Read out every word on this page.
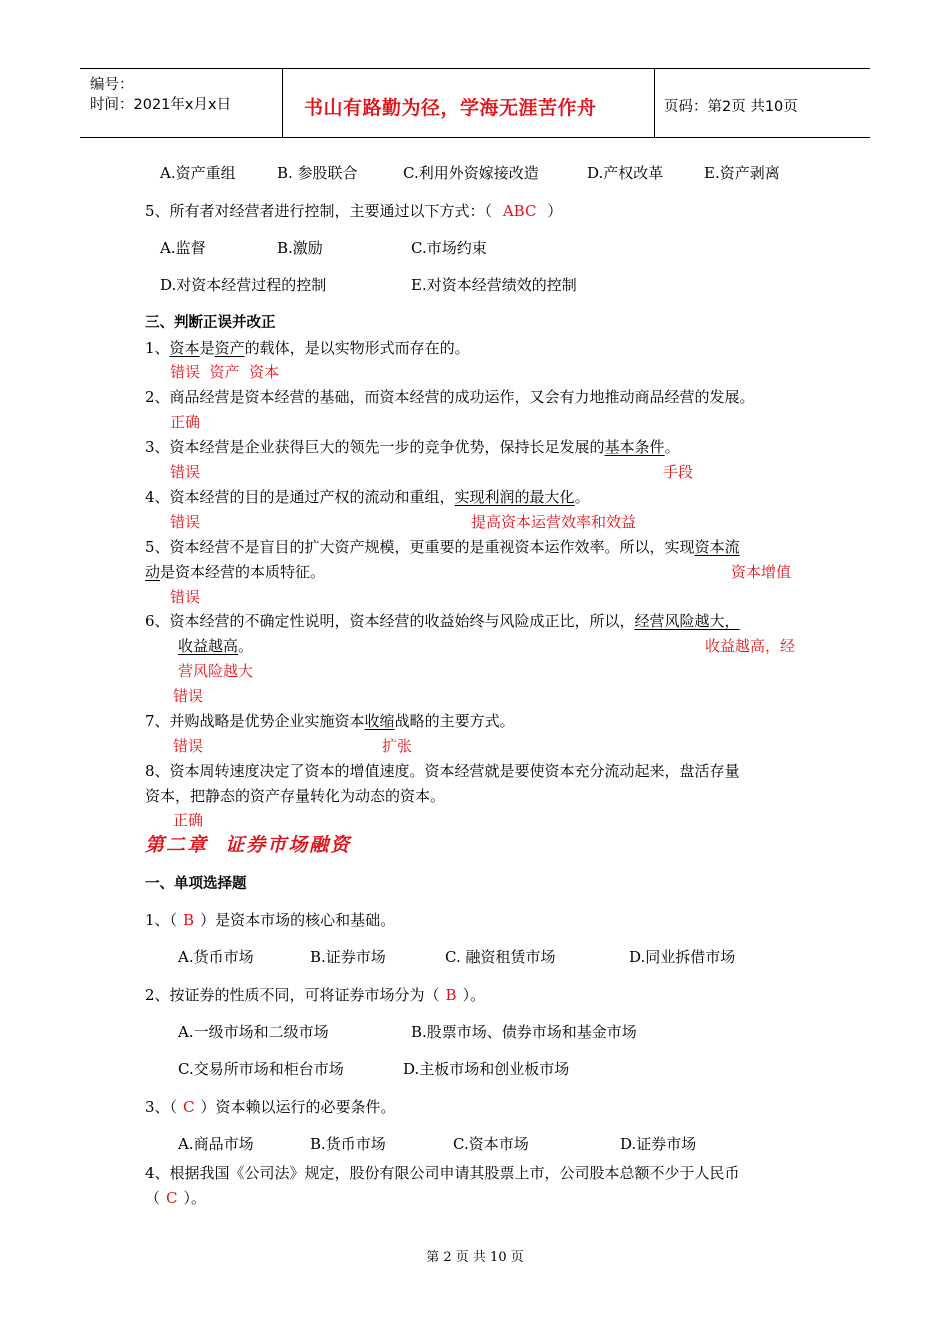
编号：
时间：2021年x月x日	书山有路勤为径，学海无涯苦作舟	页码：第2页 共10页
A.资产重组	B. 参股联合	C.利用外资嫁接改造	D.产权改革	E.资产剥离
5、所有者对经营者进行控制，主要通过以下方式：（ ABC ）
A.监督	B.激励	C.市场约束
D.对资本经营过程的控制	E.对资本经营绩效的控制
三、判断正误并改正
1、资本是资产的载体，是以实物形式而存在的。
错误  资产  资本
2、商品经营是资本经营的基础，而资本经营的成功运作，又会有力地推动商品经营的发展。
正确
3、资本经营是企业获得巨大的领先一步的竞争优势，保持长足发展的基本条件。
错误	手段
4、资本经营的目的是通过产权的流动和重组，实现利润的最大化。
错误	提高资本运营效率和效益
5、资本经营不是盲目的扩大资产规模，更重要的是重视资本运作效率。所以，实现资本流
动是资本经营的本质特征。	资本增值
错误
6、资本经营的不确定性说明，资本经营的收益始终与风险成正比，所以，经营风险越大，
收益越高。	收益越高，经
营风险越大
错误
7、并购战略是优势企业实施资本收缩战略的主要方式。
错误	扩张
8、资本周转速度决定了资本的增值速度。资本经营就是要使资本充分流动起来，盘活存量
资本，把静态的资产存量转化为动态的资本。
正确
第二章  证券市场融资
一、单项选择题
1、（ B ）是资本市场的核心和基础。
A.货币市场	B.证券市场	C. 融资租赁市场	D.同业拆借市场
2、按证券的性质不同，可将证券市场分为（ B ）。
A.一级市场和二级市场	B.股票市场、债券市场和基金市场
C.交易所市场和柜台市场	D.主板市场和创业板市场
3、（ C ）资本赖以运行的必要条件。
A.商品市场	B.货币市场	C.资本市场	D.证券市场
4、根据我国《公司法》规定，股份有限公司申请其股票上市，公司股本总额不少于人民币
（ C ）。
第 2 页 共 10 页
